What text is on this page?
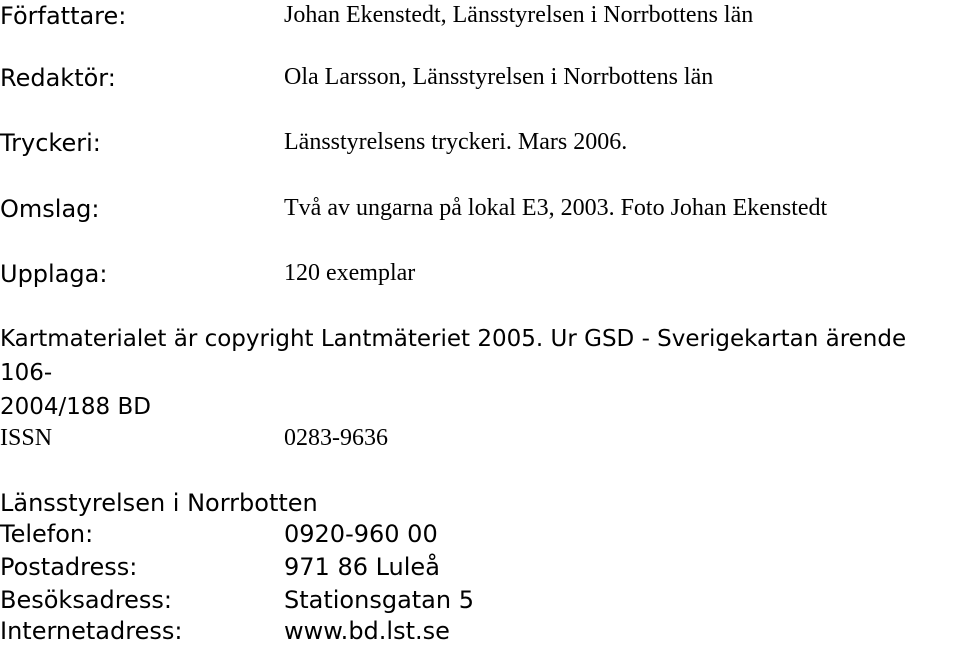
Författare:	Johan Ekenstedt, Länsstyrelsen i Norrbottens län
Redaktör:	Ola Larsson, Länsstyrelsen i Norrbottens län
Tryckeri:	Länsstyrelsens tryckeri. Mars 2006.
Omslag:	Två av ungarna på lokal E3, 2003. Foto Johan Ekenstedt
Upplaga:	120 exemplar
Kartmaterialet är copyright Lantmäteriet 2005. Ur GSD - Sverigekartan ärende 106-
2004/188 BD
ISSN	0283-9636
Länsstyrelsen i Norrbotten
Telefon:	0920-960 00
Postadress:	971 86 Luleå
Besöksadress:	Stationsgatan 5
Internetadress:	www.bd.lst.se
